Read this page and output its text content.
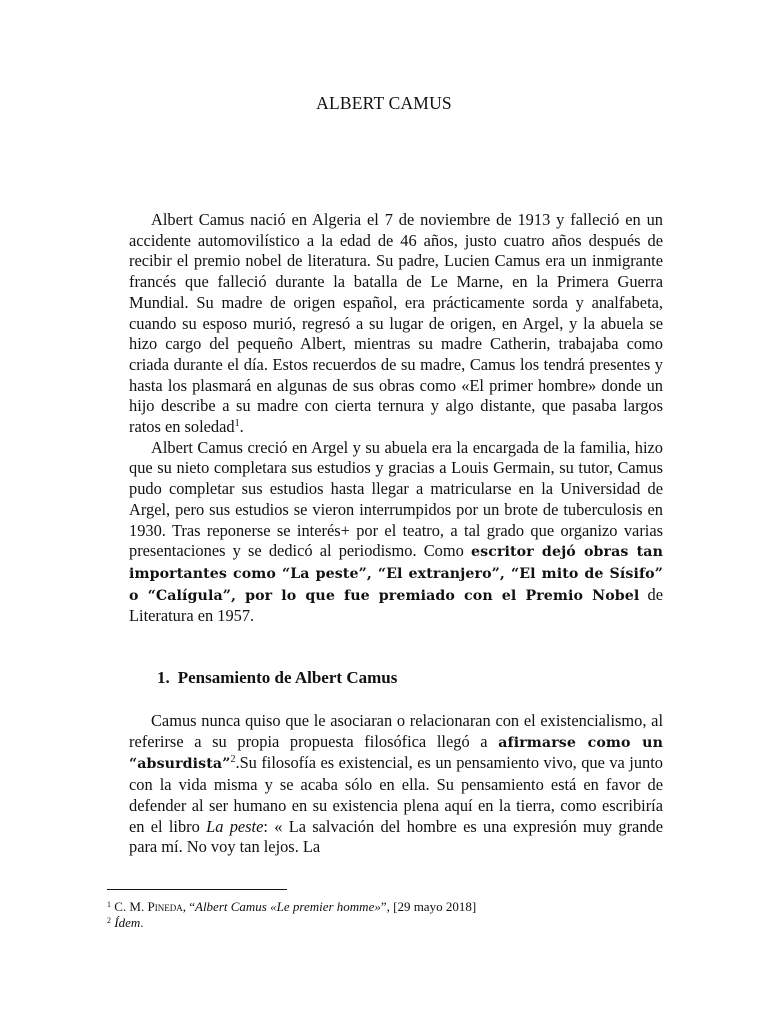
ALBERT CAMUS

Albert Camus nació en Algeria el 7 de noviembre de 1913 y falleció en un accidente automovilístico a la edad de 46 años, justo cuatro años después de recibir el premio nobel de literatura. Su padre, Lucien Camus era un inmigrante francés que falleció durante la batalla de Le Marne, en la Primera Guerra Mundial. Su madre de origen español, era prácticamente sorda y analfabeta, cuando su esposo murió, regresó a su lugar de origen, en Argel, y la abuela se hizo cargo del pequeño Albert, mientras su madre Catherin, trabajaba como criada durante el día. Estos recuerdos de su madre, Camus los tendrá presentes y hasta los plasmará en algunas de sus obras como «El primer hombre» donde un hijo describe a su madre con cierta ternura y algo distante, que pasaba largos ratos en soledad$^1$.

Albert Camus creció en Argel y su abuela era la encargada de la familia, hizo que su nieto completara sus estudios y gracias a Louis Germain, su tutor, Camus pudo completar sus estudios hasta llegar a matricularse en la Universidad de Argel, pero sus estudios se vieron interrumpidos por un brote de tuberculosis en 1930. Tras reponerse se interés+ por el teatro, a tal grado que organizo varias presentaciones y se dedicó al periodismo. Como escritor dejó obras tan importantes como “La peste”, “El extranjero”, “El mito de Sísifo” o “Calígula”, por lo que fue premiado con el Premio Nobel de Literatura en 1957.

1. Pensamiento de Albert Camus

Camus nunca quiso que le asociaran o relacionaran con el existencialismo, al referirse a su propia propuesta filosófica llegó a afirmarse como un “absurdista”$^2$.Su filosofía es existencial, es un pensamiento vivo, que va junto con la vida misma y se acaba sólo en ella. Su pensamiento está en favor de defender al ser humano en su existencia plena aquí en la tierra, como escribiría en el libro La peste: « La salvación del hombre es una expresión muy grande para mí. No voy tan lejos. La

$^1$ C. M. Pineda, “Albert Camus «Le premier homme»”, [29 mayo 2018]
$^2$ Ídem.
